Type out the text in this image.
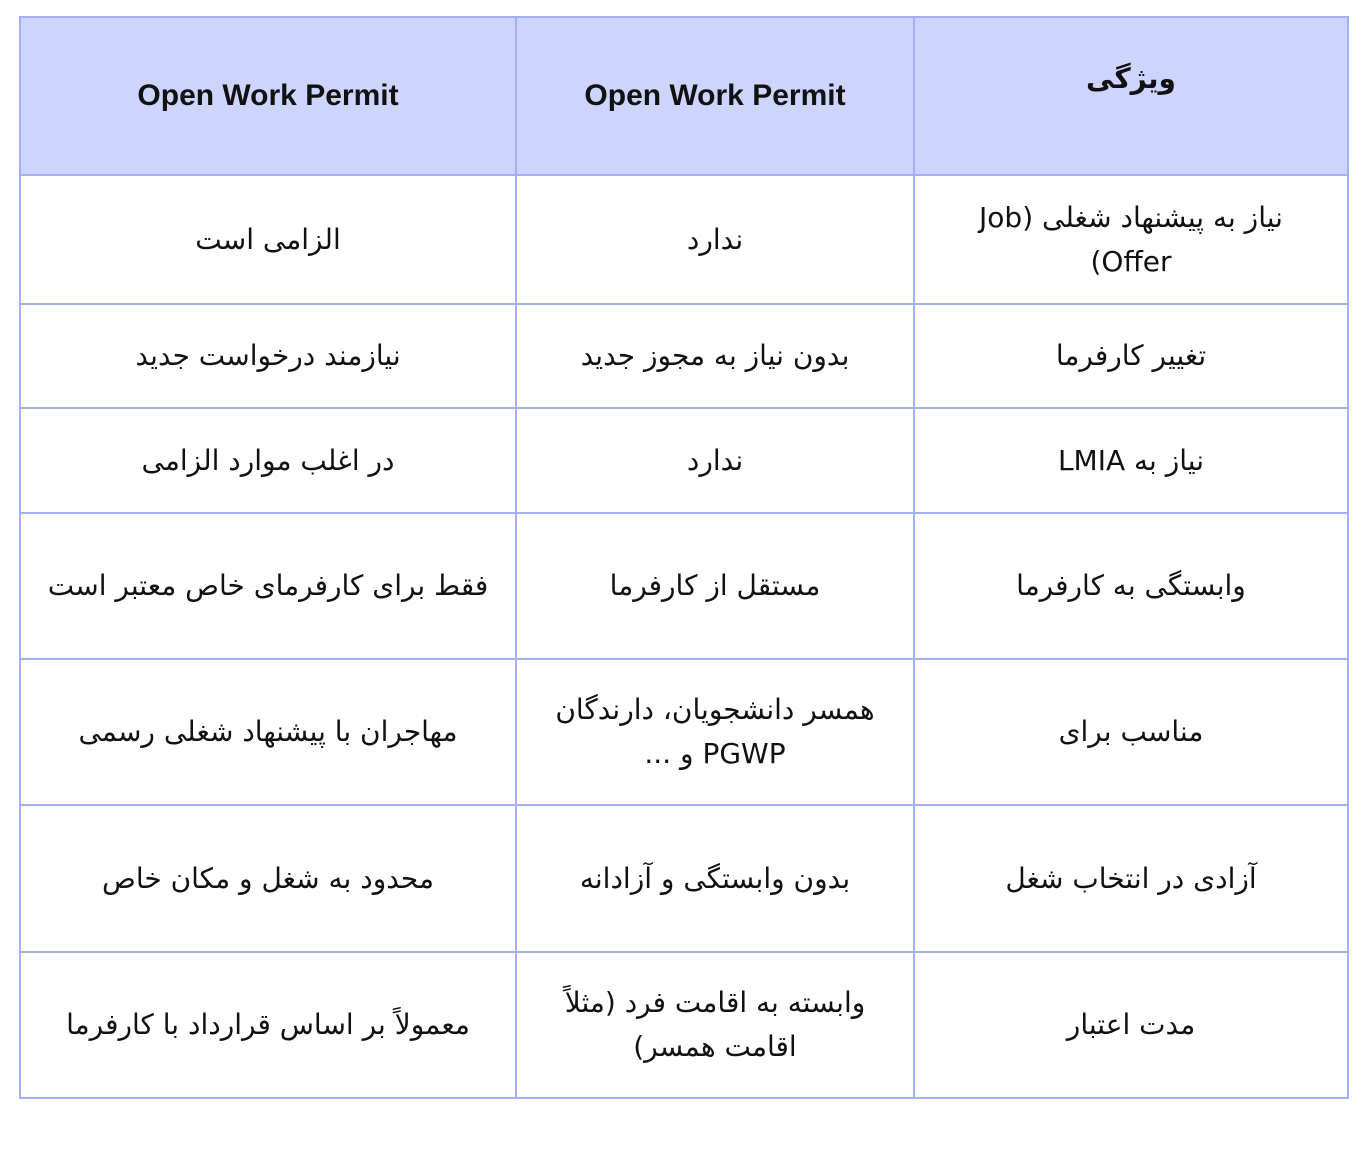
Open Work Permit	Open Work Permit	ویژگی
الزامی است	ندارد	نیاز به پیشنهاد شغلی (Job Offer)
نیازمند درخواست جدید	بدون نیاز به مجوز جدید	تغییر کارفرما
در اغلب موارد الزامی	ندارد	نیاز به LMIA
فقط برای کارفرمای خاص معتبر است	مستقل از کارفرما	وابستگی به کارفرما
مهاجران با پیشنهاد شغلی رسمی	همسر دانشجویان، دارندگان PGWP و ...	مناسب برای
محدود به شغل و مکان خاص	بدون وابستگی و آزادانه	آزادی در انتخاب شغل
معمولاً بر اساس قرارداد با کارفرما	وابسته به اقامت فرد (مثلاً اقامت همسر)	مدت اعتبار
